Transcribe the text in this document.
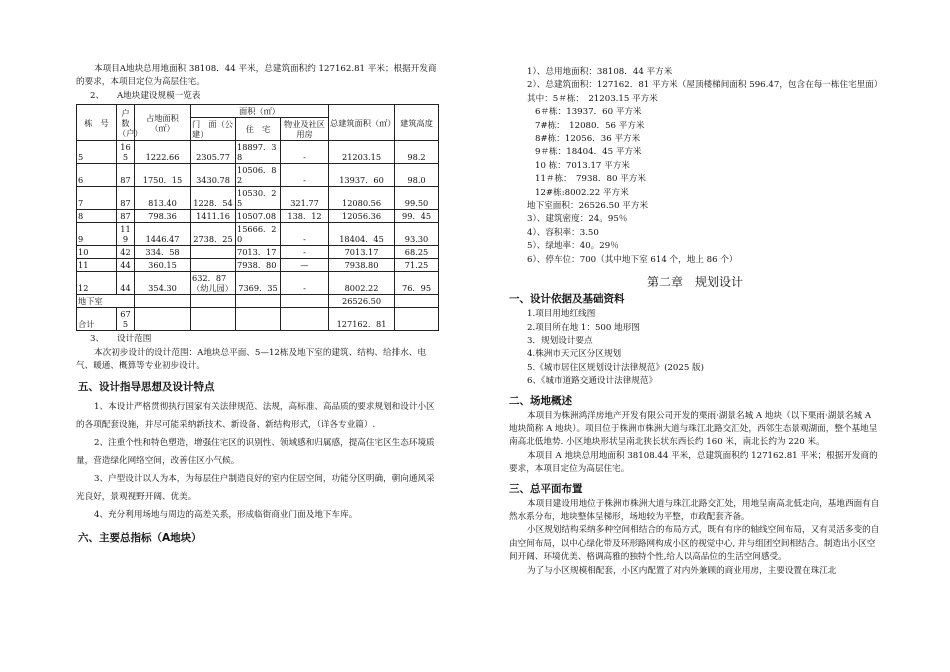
本项目A地块总用地面积 38108．44 平米，总建筑面积约 127162.81 平米；根据开发商的要求，本项目定位为高层住宅。

2、　　A地块建设规模一览表

栋　号	户数（户）	占地面积（㎡）	面积（㎡）			总建筑面积（㎡）	建筑高度
			门　面（公建）	住　宅	物业及社区用房		
5	165	1222.66	2305.77	18897．38	-	21203.15	98.2
6	87	1750．15	3430.78	10506．82	-	13937．60	98.0
7	87	813.40	1228．54	10530．25	321.77	12080.56	99.50
8	87	798.36	1411.16	10507.08	138．12	12056.36	99．45
9	119	1446.47	2738．25	15666．20	-	18404．45	93.30
10	42	334．58		7013．17	-	7013.17	68.25
11	44	360.15		7938．80	—	7938.80	71.25
12	44	354.30	632．87（幼儿园）	7369．35	-	8002.22	76．95
地下室						26526.50	
合计	675					127162．81	

3、　　设计范围

本次初步设计的设计范围：A地块总平面、5—12栋及地下室的建筑、结构、给排水、电气、暖通、概算等专业初步设计。

五、设计指导思想及设计特点

1、本设计严格贯彻执行国家有关法律规范、法规，高标准、高品质的要求规划和设计小区的各项配套设施，并尽可能采纳新技术、新设备、新结构形式，（详各专业篇）.

2、注重个性和特色塑造，增强住宅区的识别性、领域感和归属感，提高住宅区生态环境质量，营造绿化网络空间，改善住区小气候。

3、户型设计以人为本，为每层住户制造良好的室内住居空间，功能分区明确，朝向通风采光良好，景观视野开阔、优美。

4、充分利用场地与周边的高差关系，形成临街商业门面及地下车库。

六、主要总指标（A地块）

1）、总用地面积：38108．44 平方米

2）、总建筑面积：127162．81 平方米（屋顶楼梯间面积 596.47，包含在每一栋住宅里面）

其中：5＃栋：　21203.15 平方米

6＃栋：13937．60 平方米

7#栋：　12080．56 平方米

8#栋：12056．36 平方米

9＃栋：18404．45 平方米

10 栋：7013.17 平方米

11＃栋：　7938．80 平方米

12#栋:8002.22 平方米

地下室面积：26526.50 平方米

3）、建筑密度：24。95％

4）、容积率：3.50

5）、绿地率：40。29％

6）、停车位：700（其中地下室 614 个，地上 86 个）

第二章　规划设计
一、设计依据及基础资料

1.项目用地红线图

2.项目所在地 1：500 地形图

3．规划设计要点

4.株洲市天元区分区规划

5.《城市居住区规划设计法律规范》(2025 版)

6、《城市道路交通设计法律规范》

二、场地概述

本项目为株洲鸿洋房地产开发有限公司开发的栗雨·湖景名城 A 地块（以下栗雨·湖景名城 A 地块简称 A 地块）。项目位于株洲市株洲大道与珠江北路交汇处，西邻生态景观湖面，整个基地呈南高北低地势. 小区地块形状呈南北狭长状东西长约 160 米，南北长约为 220 米。

本项目 A 地块总用地面积 38108.44 平米，总建筑面积约 127162.81 平米；根据开发商的要求，本项目定位为高层住宅。

三、总平面布置

本项目建设用地位于株洲市株洲大道与珠江北路交汇处，用地呈南高北低走向，基地西面有自然水系分布，地块整体呈梯形，场地较为平整，市政配套齐备。

小区规划结构采纳多种空间相结合的布局方式，既有有序的轴线空间布局，又有灵活多变的自由空间布局，以中心绿化带及环形路网构成小区的视觉中心, 并与组团空间相结合。制造出小区空间开阔、环境优美、格调高雅的独特个性,给人以高品位的生活空间感受。

为了与小区规模相配套，小区内配置了对内外兼顾的商业用房，主要设置在珠江北
